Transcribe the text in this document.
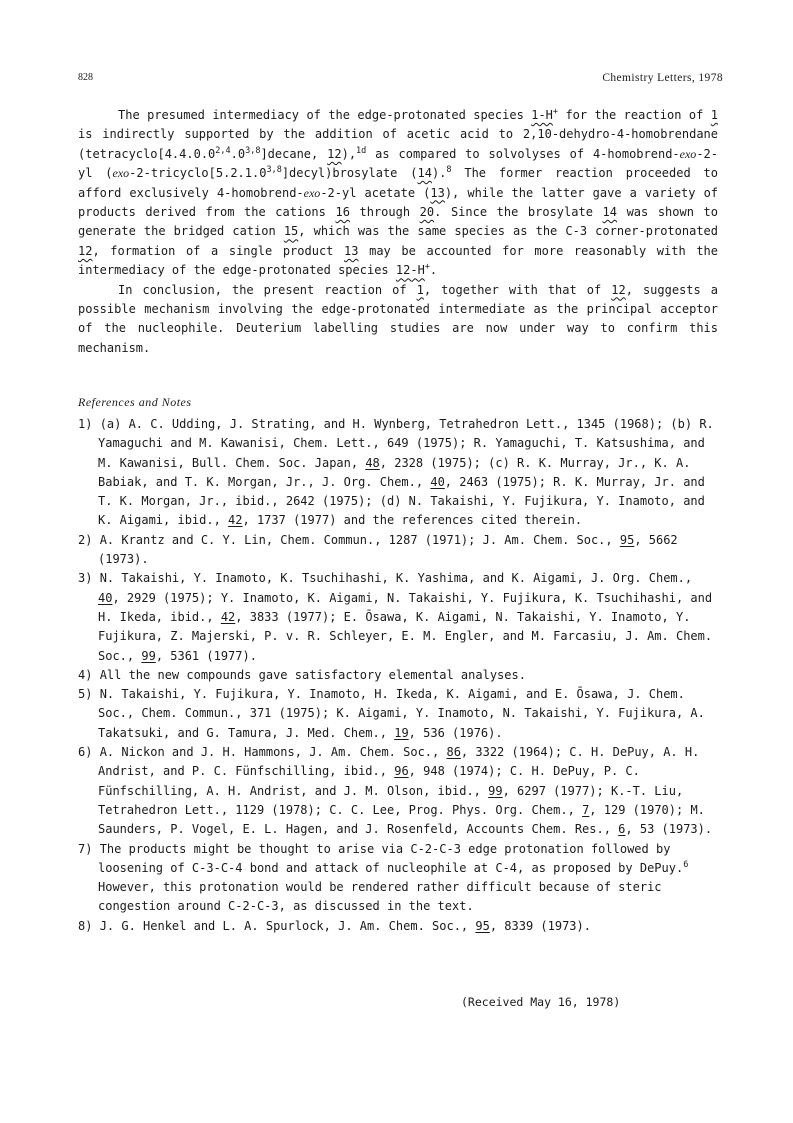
828	Chemistry Letters, 1978
The presumed intermediacy of the edge-protonated species 1-H+ for the reaction of 1 is indirectly supported by the addition of acetic acid to 2,10-dehydro-4-homobrendane (tetracyclo[4.4.0.0$^{2,4}$.0$^{3,8}$]decane, 12),$^{1d}$ as compared to solvolyses of 4-homobrend-exo-2-yl (exo-2-tricyclo[5.2.1.0$^{3,8}$]decyl)brosylate (14).$^8$ The former reaction proceeded to afford exclusively 4-homobrend-exo-2-yl acetate (13), while the latter gave a variety of products derived from the cations 16 through 20. Since the brosylate 14 was shown to generate the bridged cation 15, which was the same species as the C-3 corner-protonated 12, formation of a single product 13 may be accounted for more reasonably with the intermediacy of the edge-protonated species 12-H+.
In conclusion, the present reaction of 1, together with that of 12, suggests a possible mechanism involving the edge-protonated intermediate as the principal acceptor of the nucleophile. Deuterium labelling studies are now under way to confirm this mechanism.
References and Notes
1) (a) A. C. Udding, J. Strating, and H. Wynberg, Tetrahedron Lett., 1345 (1968); (b) R. Yamaguchi and M. Kawanisi, Chem. Lett., 649 (1975); R. Yamaguchi, T. Katsushima, and M. Kawanisi, Bull. Chem. Soc. Japan, 48, 2328 (1975); (c) R. K. Murray, Jr., K. A. Babiak, and T. K. Morgan, Jr., J. Org. Chem., 40, 2463 (1975); R. K. Murray, Jr. and T. K. Morgan, Jr., ibid., 2642 (1975); (d) N. Takaishi, Y. Fujikura, Y. Inamoto, and K. Aigami, ibid., 42, 1737 (1977) and the references cited therein.
2) A. Krantz and C. Y. Lin, Chem. Commun., 1287 (1971); J. Am. Chem. Soc., 95, 5662 (1973).
3) N. Takaishi, Y. Inamoto, K. Tsuchihashi, K. Yashima, and K. Aigami, J. Org. Chem., 40, 2929 (1975); Y. Inamoto, K. Aigami, N. Takaishi, Y. Fujikura, K. Tsuchihashi, and H. Ikeda, ibid., 42, 3833 (1977); E. Ōsawa, K. Aigami, N. Takaishi, Y. Inamoto, Y. Fujikura, Z. Majerski, P. v. R. Schleyer, E. M. Engler, and M. Farcasiu, J. Am. Chem. Soc., 99, 5361 (1977).
4) All the new compounds gave satisfactory elemental analyses.
5) N. Takaishi, Y. Fujikura, Y. Inamoto, H. Ikeda, K. Aigami, and E. Ōsawa, J. Chem. Soc., Chem. Commun., 371 (1975); K. Aigami, Y. Inamoto, N. Takaishi, Y. Fujikura, A. Takatsuki, and G. Tamura, J. Med. Chem., 19, 536 (1976).
6) A. Nickon and J. H. Hammons, J. Am. Chem. Soc., 86, 3322 (1964); C. H. DePuy, A. H. Andrist, and P. C. Fünfschilling, ibid., 96, 948 (1974); C. H. DePuy, P. C. Fünfschilling, A. H. Andrist, and J. M. Olson, ibid., 99, 6297 (1977); K.-T. Liu, Tetrahedron Lett., 1129 (1978); C. C. Lee, Prog. Phys. Org. Chem., 7, 129 (1970); M. Saunders, P. Vogel, E. L. Hagen, and J. Rosenfeld, Accounts Chem. Res., 6, 53 (1973).
7) The products might be thought to arise via C-2-C-3 edge protonation followed by loosening of C-3-C-4 bond and attack of nucleophile at C-4, as proposed by DePuy.$^6$ However, this protonation would be rendered rather difficult because of steric congestion around C-2-C-3, as discussed in the text.
8) J. G. Henkel and L. A. Spurlock, J. Am. Chem. Soc., 95, 8339 (1973).
(Received May 16, 1978)
